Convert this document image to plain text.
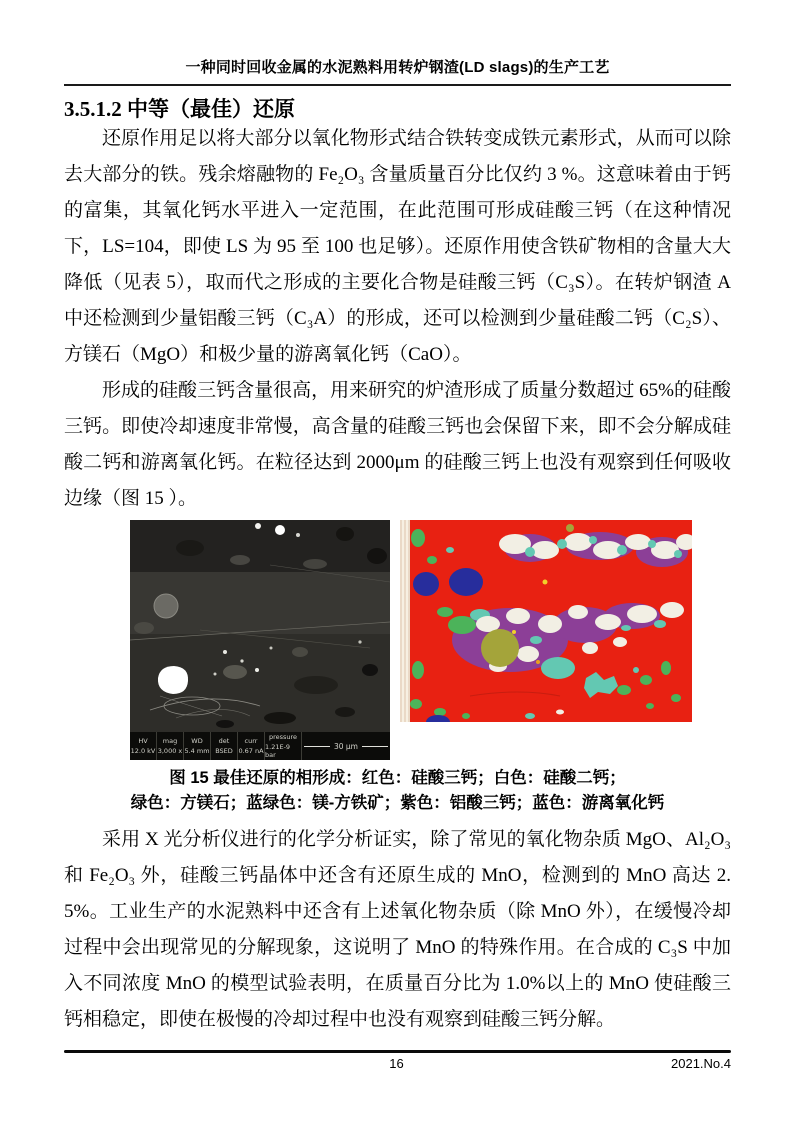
一种同时回收金属的水泥熟料用转炉钢渣(LD slags)的生产工艺
3.5.1.2 中等（最佳）还原

还原作用足以将大部分以氧化物形式结合铁转变成铁元素形式，从而可以除去大部分的铁。残余熔融物的 Fe₂O₃ 含量质量百分比仅约 3 %。这意味着由于钙的富集，其氧化钙水平进入一定范围，在此范围可形成硅酸三钙（在这种情况下，LS=104，即使 LS 为 95 至 100 也足够）。还原作用使含铁矿物相的含量大大降低（见表 5），取而代之形成的主要化合物是硅酸三钙（C₃S）。在转炉钢渣 A 中还检测到少量铝酸三钙（C₃A）的形成，还可以检测到少量硅酸二钙（C₂S）、方镁石（MgO）和极少量的游离氧化钙（CaO）。

形成的硅酸三钙含量很高，用来研究的炉渣形成了质量分数超过 65%的硅酸三钙。即使冷却速度非常慢，高含量的硅酸三钙也会保留下来，即不会分解成硅酸二钙和游离氧化钙。在粒径达到 2000μm 的硅酸三钙上也没有观察到任何吸收边缘（图 15 ）。

HV
12.0 kV
mag
3,000 x
WD
5.4 mm
det
BSED
curr
0.67 nA
pressure
1.21E-9 bar
30 μm
图 15 最佳还原的相形成：红色：硅酸三钙；白色：硅酸二钙；
绿色：方镁石；蓝绿色：镁-方铁矿；紫色：铝酸三钙；蓝色：游离氧化钙

采用 X 光分析仪进行的化学分析证实，除了常见的氧化物杂质 MgO、Al₂O₃ 和 Fe₂O₃ 外，硅酸三钙晶体中还含有还原生成的 MnO，检测到的 MnO 高达 2.5%。工业生产的水泥熟料中还含有上述氧化物杂质（除 MnO 外），在缓慢冷却过程中会出现常见的分解现象，这说明了 MnO 的特殊作用。在合成的 C₃S 中加入不同浓度 MnO 的模型试验表明，在质量百分比为 1.0%以上的 MnO 使硅酸三钙相稳定，即使在极慢的冷却过程中也没有观察到硅酸三钙分解。

16	2021.No.4
